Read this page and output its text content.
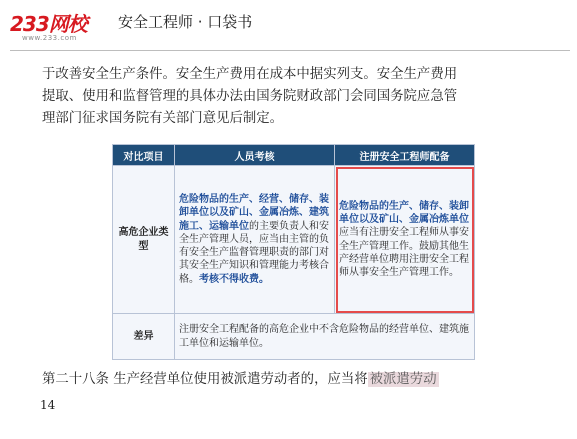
233网校
www.233.com
安全工程师 · 口袋书
于改善安全生产条件。安全生产费用在成本中据实列支。安全生产费用
提取、使用和监督管理的具体办法由国务院财政部门会同国务院应急管
理部门征求国务院有关部门意见后制定。
对比项目	人员考核	注册安全工程师配备
高危企业类型	危险物品的生产、经营、储存、装卸单位以及矿山、金属冶炼、建筑施工、运输单位的主要负责人和安全生产管理人员，应当由主管的负有安全生产监督管理职责的部门对其安全生产知识和管理能力考核合格。考核不得收费。	危险物品的生产、储存、装卸单位以及矿山、金属冶炼单位应当有注册安全工程师从事安全生产管理工作。鼓励其他生产经营单位聘用注册安全工程师从事安全生产管理工作。
差异	注册安全工程配备的高危企业中不含危险物品的经营单位、建筑施工单位和运输单位。	
第二十八条 生产经营单位使用被派遣劳动者的，应当将 被派遣劳动
14
